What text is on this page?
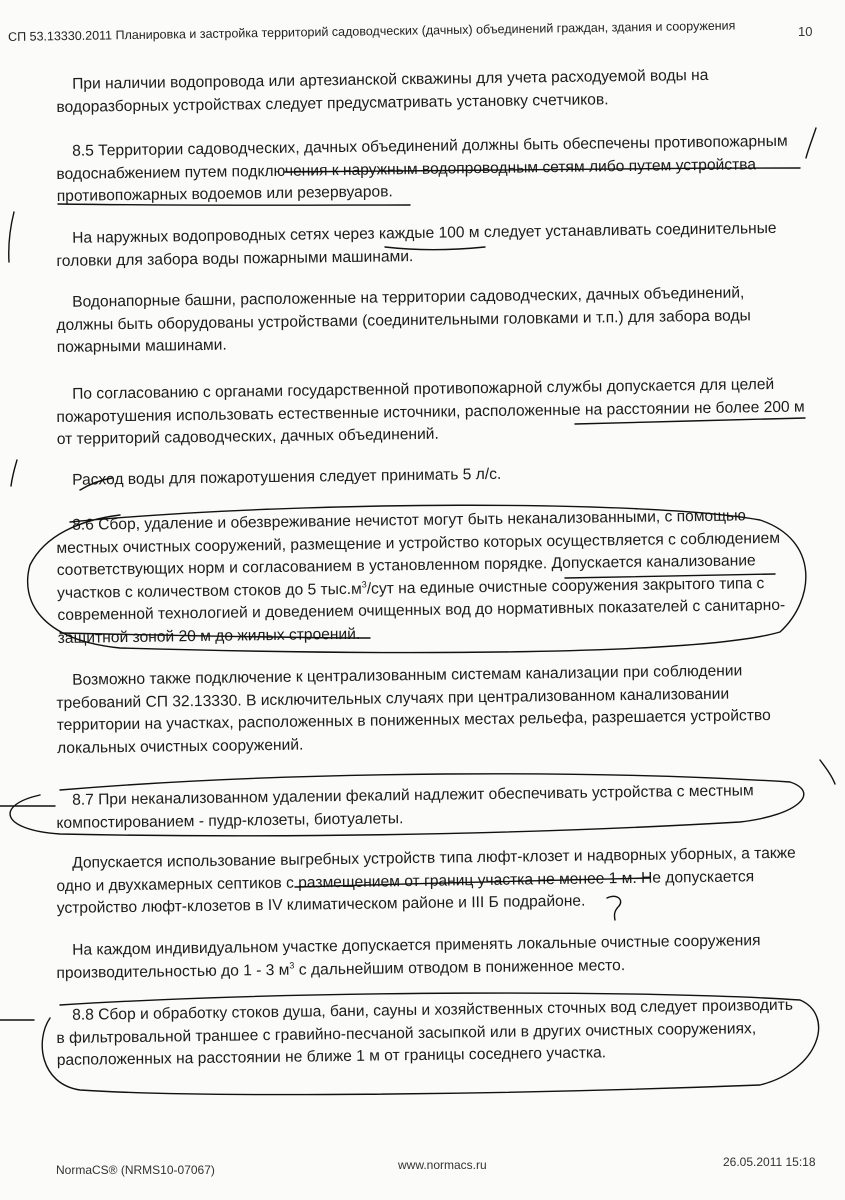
СП 53.13330.2011 Планировка и застройка территорий садоводческих (дачных) объединений граждан, здания и сооружения	10
При наличии водопровода или артезианской скважины для учета расходуемой воды на
водоразборных устройствах следует предусматривать установку счетчиков.
8.5 Территории садоводческих, дачных объединений должны быть обеспечены противопожарным
водоснабжением путем подключения к наружным водопроводным сетям либо путем устройства
противопожарных водоемов или резервуаров.
На наружных водопроводных сетях через каждые 100 м следует устанавливать соединительные
головки для забора воды пожарными машинами.
Водонапорные башни, расположенные на территории садоводческих, дачных объединений,
должны быть оборудованы устройствами (соединительными головками и т.п.) для забора воды
пожарными машинами.
По согласованию с органами государственной противопожарной службы допускается для целей
пожаротушения использовать естественные источники, расположенные на расстоянии не более 200 м
от территорий садоводческих, дачных объединений.
Расход воды для пожаротушения следует принимать 5 л/с.
8.6 Сбор, удаление и обезвреживание нечистот могут быть неканализованными, с помощью
местных очистных сооружений, размещение и устройство которых осуществляется с соблюдением
соответствующих норм и согласованием в установленном порядке. Допускается канализование
участков с количеством стоков до 5 $тыс.м^3$/сут на единые очистные сооружения закрытого типа с
современной технологией и доведением очищенных вод до нормативных показателей с санитарно-
защитной зоной 20 м до жилых строений.
Возможно также подключение к централизованным системам канализации при соблюдении
требований СП 32.13330. В исключительных случаях при централизованном канализовании
территории на участках, расположенных в пониженных местах рельефа, разрешается устройство
локальных очистных сооружений.
8.7 При неканализованном удалении фекалий надлежит обеспечивать устройства с местным
компостированием - пудр-клозеты, биотуалеты.
Допускается использование выгребных устройств типа люфт-клозет и надворных уборных, а также
одно и двухкамерных септиков с размещением от границ участка не менее 1 м. Не допускается
устройство люфт-клозетов в IV климатическом районе и III Б подрайоне.
На каждом индивидуальном участке допускается применять локальные очистные сооружения
производительностью до 1 - 3 $м^3$ с дальнейшим отводом в пониженное место.
8.8 Сбор и обработку стоков душа, бани, сауны и хозяйственных сточных вод следует производить
в фильтровальной траншее с гравийно-песчаной засыпкой или в других очистных сооружениях,
расположенных на расстоянии не ближе 1 м от границы соседнего участка.
NormaCS® (NRMS10-07067)	www.normacs.ru	26.05.2011 15:18
